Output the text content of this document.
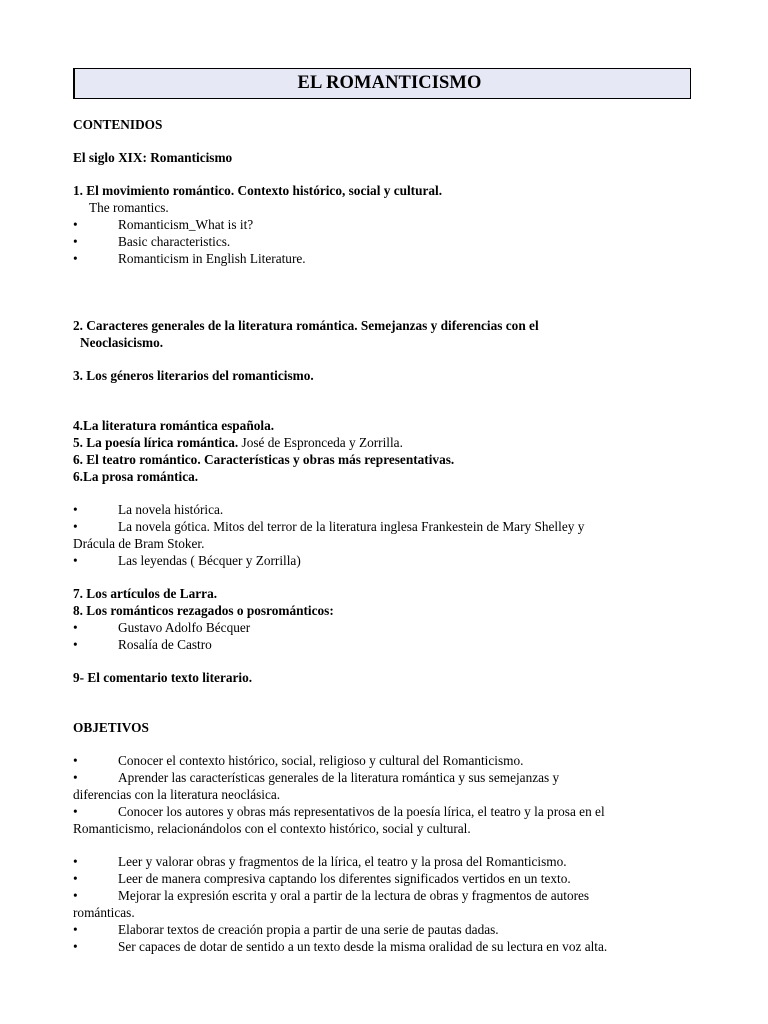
EL ROMANTICISMO
CONTENIDOS
El siglo XIX: Romanticismo
1. El movimiento romántico. Contexto histórico, social y cultural.
The romantics.
•	Romanticism_What is it?
•	Basic characteristics.
•	Romanticism in English Literature.
2. Caracteres generales de la literatura romántica. Semejanzas y diferencias con el
Neoclasicismo.
3. Los géneros literarios del romanticismo.
4.La literatura romántica española.
5. La poesía lírica romántica. José de Espronceda y Zorrilla.
6. El teatro romántico. Características y obras más representativas.
6.La prosa romántica.
•	La novela histórica.
•	La novela gótica. Mitos del terror de la literatura inglesa Frankestein de Mary Shelley y
Drácula de Bram Stoker.
•	Las leyendas ( Bécquer y Zorrilla)
7. Los artículos de Larra.
8. Los románticos rezagados o posrománticos:
•	Gustavo Adolfo Bécquer
•	Rosalía de Castro
9- El comentario texto literario.
OBJETIVOS
•	Conocer el contexto histórico, social, religioso y cultural del Romanticismo.
•	Aprender las características generales de la literatura romántica y sus semejanzas y
diferencias con la literatura neoclásica.
•	Conocer los autores y obras más representativos de la poesía lírica, el teatro y la prosa en el
Romanticismo, relacionándolos con el contexto histórico, social y cultural.
•	Leer y valorar obras y fragmentos de la lírica, el teatro y la prosa del Romanticismo.
•	Leer de manera compresiva captando los diferentes significados vertidos en un texto.
•	Mejorar la expresión escrita y oral a partir de la lectura de obras y fragmentos de autores
románticas.
•	Elaborar textos de creación propia a partir de una serie de pautas dadas.
•	Ser capaces de dotar de sentido a un texto desde la misma oralidad de su lectura en voz alta.
